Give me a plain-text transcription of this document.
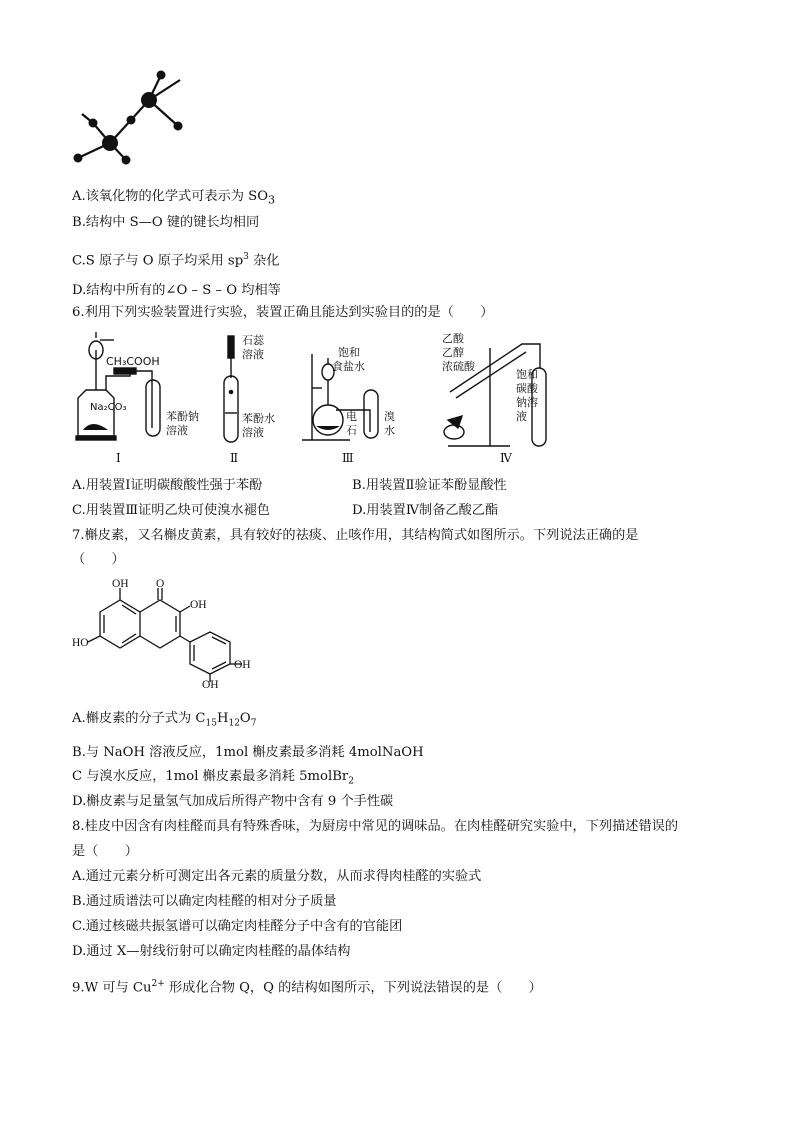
A.该氧化物的化学式可表示为 $SO_3$
B.结构中 S—O 键的键长均相同
C.S 原子与 O 原子均采用 $sp^3$ 杂化
D.结构中所有的∠O – S – O 均相等
6.利用下列实验装置进行实验，装置正确且能达到实验目的的是（　　）
CH₃COOH
Na₂CO₃
苯酚钠
溶液
Ⅰ
石蕊
溶液
苯酚水
溶液
Ⅱ
饱和
食盐水
电
石
溴
水
Ⅲ
乙酸
乙醇
浓硫酸
饱和
碳酸
钠溶
液
Ⅳ
A.用装置Ⅰ证明碳酸酸性强于苯酚	B.用装置Ⅱ验证苯酚显酸性
C.用装置Ⅲ证明乙炔可使溴水褪色	D.用装置Ⅳ制备乙酸乙酯
7.槲皮素，又名槲皮黄素，具有较好的祛痰、止咳作用，其结构简式如图所示。下列说法正确的是
（　　）
OH O
OH
HO
OH
OH
A.槲皮素的分子式为 $C_{15}H_{12}O_7$
B.与 NaOH 溶液反应，1mol 槲皮素最多消耗 4molNaOH
C 与溴水反应，1mol 槲皮素最多消耗 5molBr$_2$
D.槲皮素与足量氢气加成后所得产物中含有 9 个手性碳
8.桂皮中因含有肉桂醛而具有特殊香味，为厨房中常见的调味品。在肉桂醛研究实验中，下列描述错误的
是（　　）
A.通过元素分析可测定出各元素的质量分数，从而求得肉桂醛的实验式
B.通过质谱法可以确定肉桂醛的相对分子质量
C.通过核磁共振氢谱可以确定肉桂醛分子中含有的官能团
D.通过 X—射线衍射可以确定肉桂醛的晶体结构
9.W 可与 $Cu^{2+}$ 形成化合物 Q，Q 的结构如图所示，下列说法错误的是（　　）
